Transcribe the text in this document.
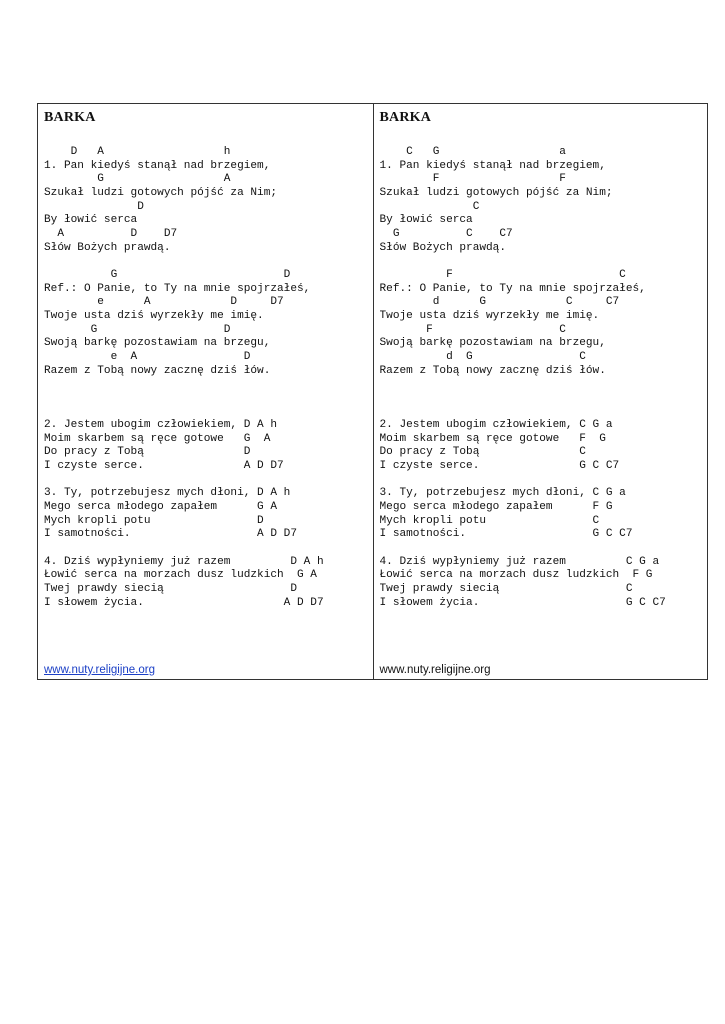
BARKA
D   A                  h
1. Pan kiedyś stanął nad brzegiem,
G                  A
Szukał ludzi gotowych pójść za Nim;
D
By łowić serca
A          D    D7
Słów Bożych prawdą.

G                         D
Ref.: O Panie, to Ty na mnie spojrzałeś,
e      A            D     D7
Twoje usta dziś wyrzekły me imię.
G                   D
Swoją barkę pozostawiam na brzegu,
e  A                D
Razem z Tobą nowy zacznę dziś łów.

2. Jestem ubogim człowiekiem, D A h
Moim skarbem są ręce gotowe   G  A
Do pracy z Tobą               D
I czyste serce.               A D D7

3. Ty, potrzebujesz mych dłoni, D A h
Mego serca młodego zapałem      G A
Mych kropli potu                D
I samotności.                   A D D7

4. Dziś wypłyniemy już razem         D A h
Łowić serca na morzach dusz ludzkich  G A
Twej prawdy siecią                   D
I słowem życia.                     A D D7
www.nuty.religijne.org
BARKA
C   G                  a
1. Pan kiedyś stanął nad brzegiem,
F                  F
Szukał ludzi gotowych pójść za Nim;
C
By łowić serca
G          C    C7
Słów Bożych prawdą.

F                         C
Ref.: O Panie, to Ty na mnie spojrzałeś,
d      G            C     C7
Twoje usta dziś wyrzekły me imię.
F                   C
Swoją barkę pozostawiam na brzegu,
d  G                C
Razem z Tobą nowy zacznę dziś łów.

2. Jestem ubogim człowiekiem, C G a
Moim skarbem są ręce gotowe   F  G
Do pracy z Tobą               C
I czyste serce.               G C C7

3. Ty, potrzebujesz mych dłoni, C G a
Mego serca młodego zapałem      F G
Mych kropli potu                C
I samotności.                   G C C7

4. Dziś wypłyniemy już razem         C G a
Łowić serca na morzach dusz ludzkich  F G
Twej prawdy siecią                   C
I słowem życia.                      G C C7
www.nuty.religijne.org
